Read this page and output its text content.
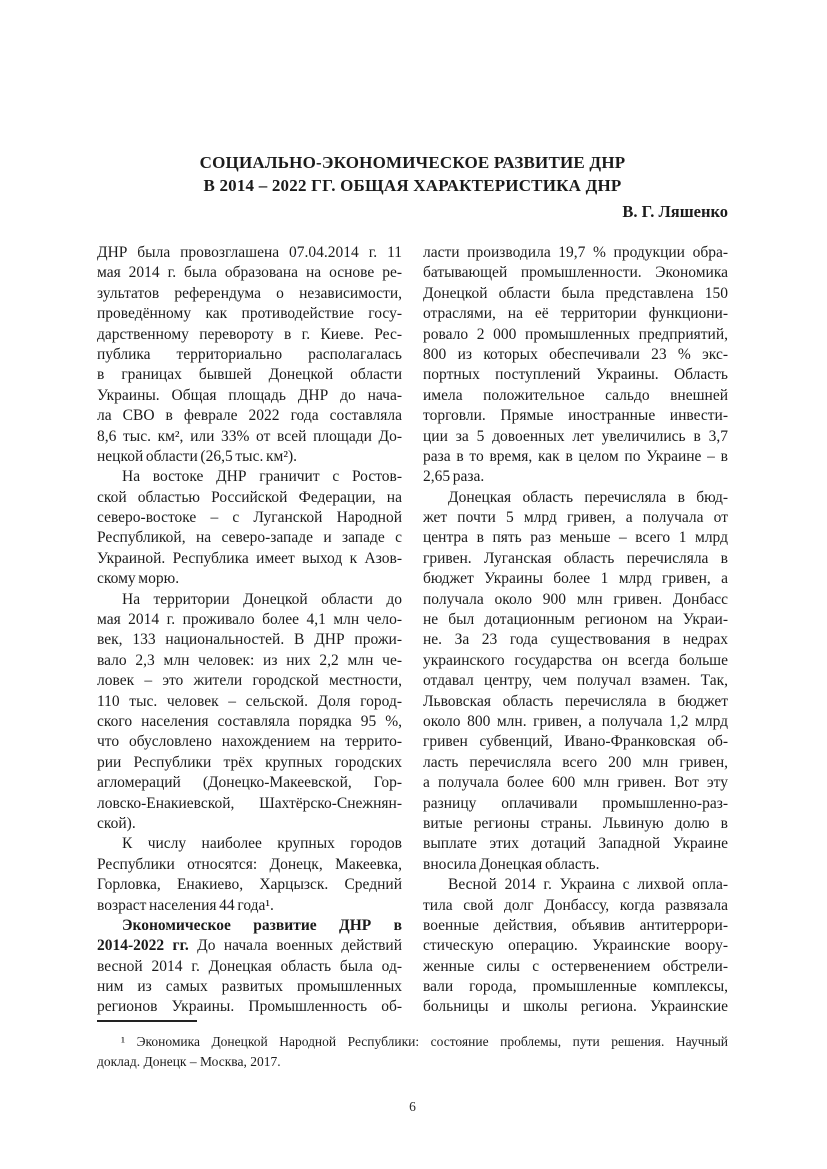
СОЦИАЛЬНО-ЭКОНОМИЧЕСКОЕ РАЗВИТИЕ ДНР
В 2014 – 2022 ГГ. ОБЩАЯ ХАРАКТЕРИСТИКА ДНР
В. Г. Ляшенко
ДНР была провозглашена 07.04.2014 г. 11
мая 2014 г. была образована на основе ре-
зультатов референдума о независимости,
проведённому как противодействие госу-
дарственному перевороту в г. Киеве. Рес-
публика территориально располагалась
в границах бывшей Донецкой области
Украины. Общая площадь ДНР до нача-
ла СВО в феврале 2022 года составляла
8,6 тыс. км², или 33% от всей площади До-
нецкой области (26,5 тыс. км²).
На востоке ДНР граничит с Ростов-
ской областью Российской Федерации, на
северо-востоке – с Луганской Народной
Республикой, на северо-западе и западе с
Украиной. Республика имеет выход к Азов-
скому морю.
На территории Донецкой области до
мая 2014 г. проживало более 4,1 млн чело-
век, 133 национальностей. В ДНР прожи-
вало 2,3 млн человек: из них 2,2 млн че-
ловек – это жители городской местности,
110 тыс. человек – сельской. Доля город-
ского населения составляла порядка 95 %,
что обусловлено нахождением на террито-
рии Республики трёх крупных городских
агломераций (Донецко-Макеевской, Гор-
ловско-Енакиевской, Шахтёрско-Снежнян-
ской).
К числу наиболее крупных городов
Республики относятся: Донецк, Макеевка,
Горловка, Енакиево, Харцызск. Средний
возраст населения 44 года¹.
Экономическое развитие ДНР в
2014-2022 гг. До начала военных действий
весной 2014 г. Донецкая область была од-
ним из самых развитых промышленных
регионов Украины. Промышленность об-
ласти производила 19,7 % продукции обра-
батывающей промышленности. Экономика
Донецкой области была представлена 150
отраслями, на её территории функциони-
ровало 2 000 промышленных предприятий,
800 из которых обеспечивали 23 % экс-
портных поступлений Украины. Область
имела положительное сальдо внешней
торговли. Прямые иностранные инвести-
ции за 5 довоенных лет увеличились в 3,7
раза в то время, как в целом по Украине – в
2,65 раза.
Донецкая область перечисляла в бюд-
жет почти 5 млрд гривен, а получала от
центра в пять раз меньше – всего 1 млрд
гривен. Луганская область перечисляла в
бюджет Украины более 1 млрд гривен, а
получала около 900 млн гривен. Донбасс
не был дотационным регионом на Украи-
не. За 23 года существования в недрах
украинского государства он всегда больше
отдавал центру, чем получал взамен. Так,
Львовская область перечисляла в бюджет
около 800 млн. гривен, а получала 1,2 млрд
гривен субвенций, Ивано-Франковская об-
ласть перечисляла всего 200 млн гривен,
а получала более 600 млн гривен. Вот эту
разницу оплачивали промышленно-раз-
витые регионы страны. Львиную долю в
выплате этих дотаций Западной Украине
вносила Донецкая область.
Весной 2014 г. Украина с лихвой опла-
тила свой долг Донбассу, когда развязала
военные действия, объявив антитеррори-
стическую операцию. Украинские воору-
женные силы с остервенением обстрели-
вали города, промышленные комплексы,
больницы и школы региона. Украинские
¹ Экономика Донецкой Народной Республики: состояние проблемы, пути решения. Научный
доклад. Донецк – Москва, 2017.
6
